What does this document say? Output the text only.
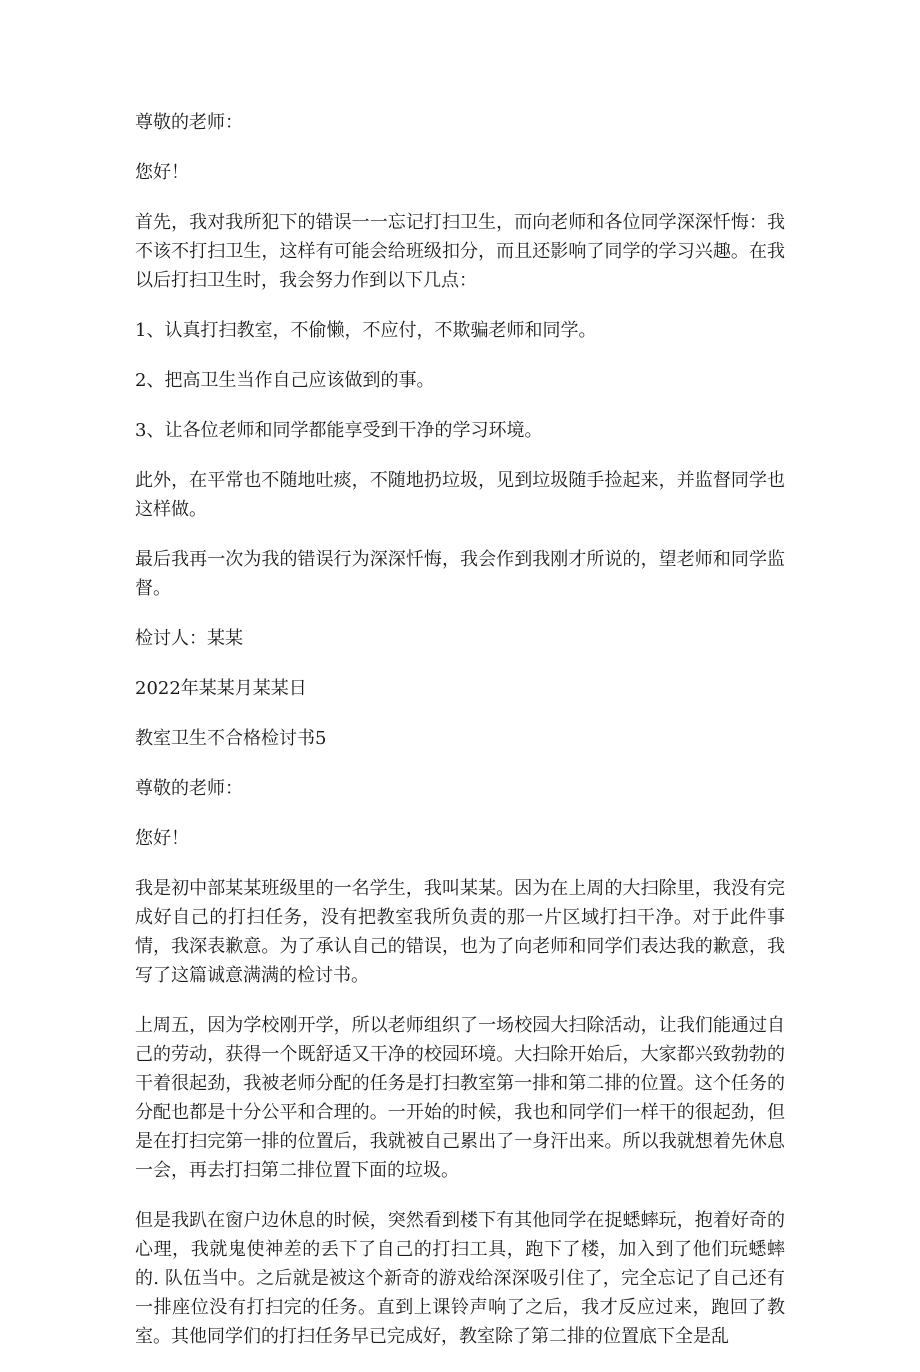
尊敬的老师：

您好！

首先，我对我所犯下的错误一一忘记打扫卫生，而向老师和各位同学深深忏悔：我不该不打扫卫生，这样有可能会给班级扣分，而且还影响了同学的学习兴趣。在我以后打扫卫生时，我会努力作到以下几点：

1、认真打扫教室，不偷懒，不应付，不欺骗老师和同学。

2、把高卫生当作自己应该做到的事。

3、让各位老师和同学都能享受到干净的学习环境。

此外，在平常也不随地吐痰，不随地扔垃圾，见到垃圾随手捡起来，并监督同学也这样做。

最后我再一次为我的错误行为深深忏悔，我会作到我刚才所说的，望老师和同学监督。

检讨人：某某

2022年某某月某某日

教室卫生不合格检讨书5

尊敬的老师：

您好！

我是初中部某某班级里的一名学生，我叫某某。因为在上周的大扫除里，我没有完成好自己的打扫任务，没有把教室我所负责的那一片区域打扫干净。对于此件事情，我深表歉意。为了承认自己的错误，也为了向老师和同学们表达我的歉意，我写了这篇诚意满满的检讨书。

上周五，因为学校刚开学，所以老师组织了一场校园大扫除活动，让我们能通过自己的劳动，获得一个既舒适又干净的校园环境。大扫除开始后，大家都兴致勃勃的干着很起劲，我被老师分配的任务是打扫教室第一排和第二排的位置。这个任务的分配也都是十分公平和合理的。一开始的时候，我也和同学们一样干的很起劲，但是在打扫完第一排的位置后，我就被自己累出了一身汗出来。所以我就想着先休息一会，再去打扫第二排位置下面的垃圾。

但是我趴在窗户边休息的时候，突然看到楼下有其他同学在捉蟋蟀玩，抱着好奇的心理，我就鬼使神差的丢下了自己的打扫工具，跑下了楼，加入到了他们玩蟋蟀的. 队伍当中。之后就是被这个新奇的游戏给深深吸引住了，完全忘记了自己还有一排座位没有打扫完的任务。直到上课铃声响了之后，我才反应过来，跑回了教室。其他同学们的打扫任务早已完成好，教室除了第二排的位置底下全是乱
